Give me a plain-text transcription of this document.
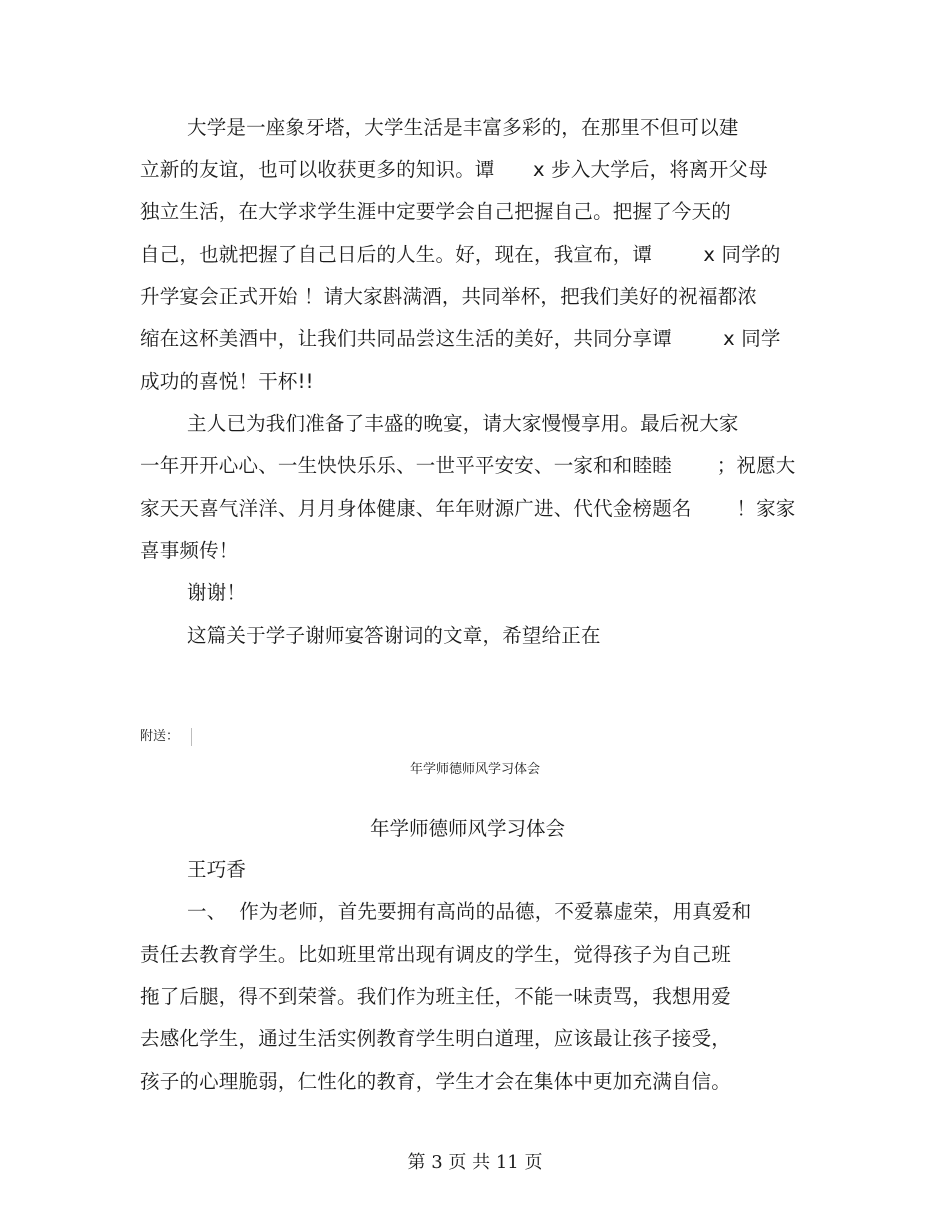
大学是一座象牙塔，大学生活是丰富多彩的，在那里不但可以建
立新的友谊，也可以收获更多的知识。谭      x 步入大学后，将离开父母
独立生活，在大学求学生涯中定要学会自己把握自己。把握了今天的
自己，也就把握了自己日后的人生。好，现在，我宣布，谭        x 同学的
升学宴会正式开始 ！请大家斟满酒，共同举杯，把我们美好的祝福都浓
缩在这杯美酒中，让我们共同品尝这生活的美好，共同分享谭        x 同学
成功的喜悦！干杯!!
主人已为我们准备了丰盛的晚宴，请大家慢慢享用。最后祝大家
一年开开心心、一生快快乐乐、一世平平安安、一家和和睦睦       ；祝愿大
家天天喜气洋洋、月月身体健康、年年财源广进、代代金榜题名       ！家家
喜事频传！
谢谢！
这篇关于学子谢师宴答谢词的文章，希望给正在
附送：
年学师德师风学习体会
年学师德师风学习体会
王巧香
一、  作为老师，首先要拥有高尚的品德，不爱慕虚荣，用真爱和
责任去教育学生。比如班里常出现有调皮的学生，觉得孩子为自己班
拖了后腿，得不到荣誉。我们作为班主任，不能一味责骂，我想用爱
去感化学生，通过生活实例教育学生明白道理，应该最让孩子接受，
孩子的心理脆弱，仁性化的教育，学生才会在集体中更加充满自信。
第 3 页 共 11 页
